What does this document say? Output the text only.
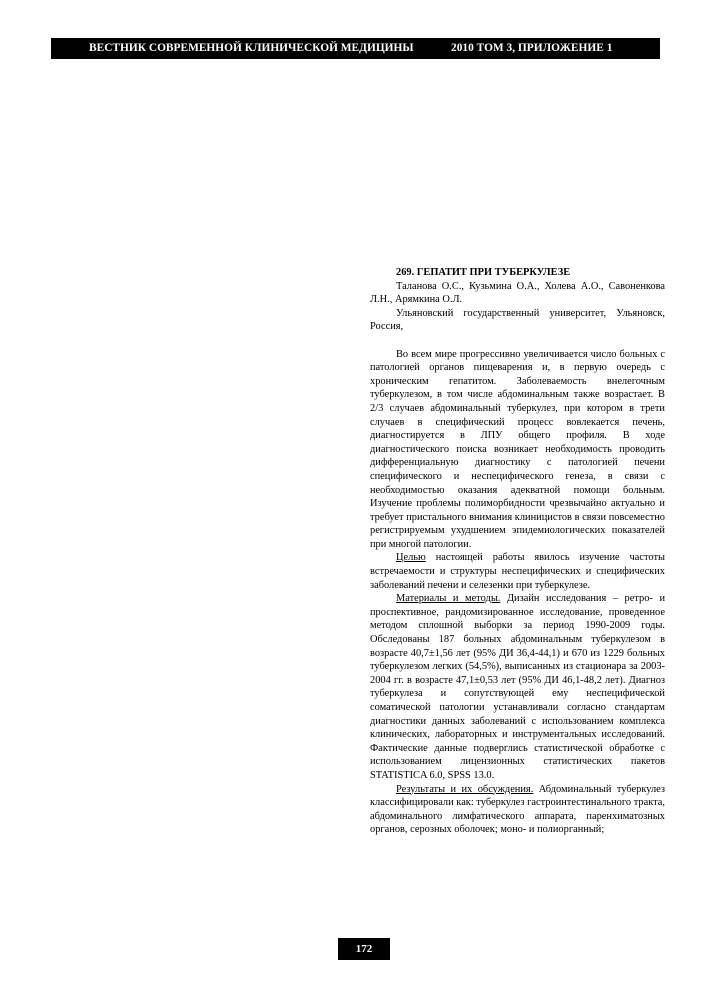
ВЕСТНИК СОВРЕМЕННОЙ КЛИНИЧЕСКОЙ МЕДИЦИНЫ	2010 ТОМ 3, ПРИЛОЖЕНИЕ 1

269. ГЕПАТИТ ПРИ ТУБЕРКУЛЕЗЕ

Таланова О.С., Кузьмина О.А., Холева А.О., Савоненкова Л.Н., Арямкина О.Л.

Ульяновский государственный университет, Ульяновск, Россия,

Во всем мире прогрессивно увеличивается число больных с патологией органов пищеварения и, в первую очередь с хроническим гепатитом. Заболеваемость внелегочным туберкулезом, в том числе абдоминальным также возрастает. В 2/3 случаев абдоминальный туберкулез, при котором в трети случаев в специфический процесс вовлекается печень, диагностируется в ЛПУ общего профиля. В ходе диагностического поиска возникает необходимость проводить дифференциальную диагностику с патологией печени специфического и неспецифического генеза, в связи с необходимостью оказания адекватной помощи больным. Изучение проблемы полиморбидности чрезвычайно актуально и требует пристального внимания клиницистов в связи повсеместно регистрируемым ухудшением эпидемиологических показателей при многой патологии.

Целью настоящей работы явилось изучение частоты встречаемости и структуры неспецифических и специфических заболеваний печени и селезенки при туберкулезе.

Материалы и методы. Дизайн исследования – ретро- и проспективное, рандомизированное исследование, проведенное методом сплошной выборки за период 1990-2009 годы. Обследованы 187 больных абдоминальным туберкулезом в возрасте 40,7±1,56 лет (95% ДИ 36,4-44,1) и 670 из 1229 больных туберкулезом легких (54,5%), выписанных из стационара за 2003-2004 гг. в возрасте 47,1±0,53 лет (95% ДИ 46,1-48,2 лет). Диагноз туберкулеза и сопутствующей ему неспецифической соматической патологии устанавливали согласно стандартам диагностики данных заболеваний с использованием комплекса клинических, лабораторных и инструментальных исследований. Фактические данные подверглись статистической обработке с использованием лицензионных статистических пакетов STATISTICA 6.0, SPSS 13.0.

Результаты и их обсуждения. Абдоминальный туберкулез классифицировали как: туберкулез гастроинтестинального тракта, абдоминального лимфатического аппарата, паренхиматозных органов, серозных оболочек; моно- и полиорганный;

172
